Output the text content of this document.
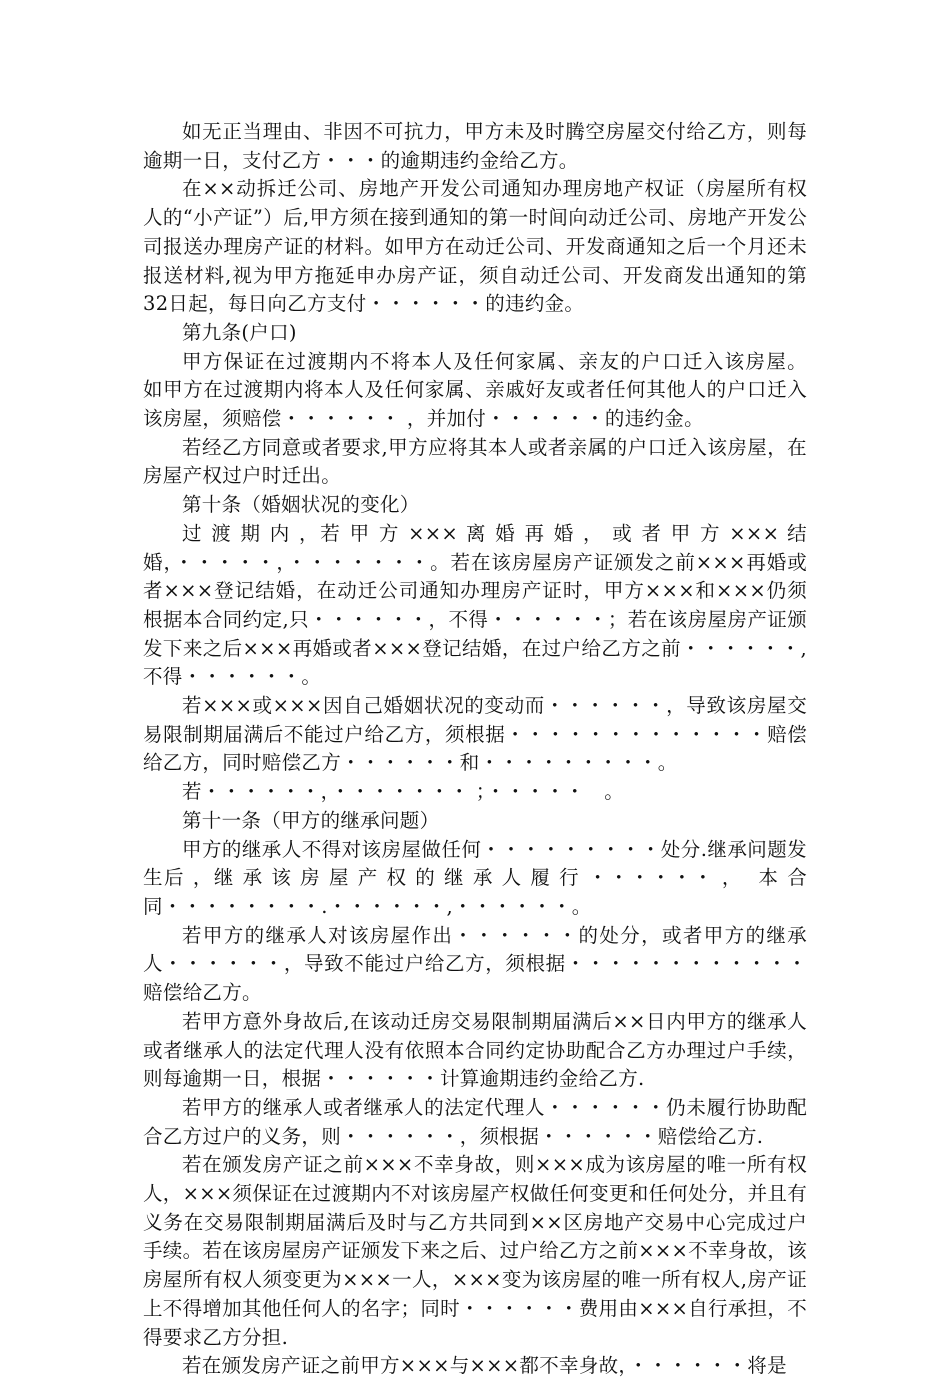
如无正当理由、非因不可抗力，甲方未及时腾空房屋交付给乙方，则每逾期一日，支付乙方・・・的逾期违约金给乙方。

在××动拆迁公司、房地产开发公司通知办理房地产权证（房屋所有权人的“小产证”）后,甲方须在接到通知的第一时间向动迁公司、房地产开发公司报送办理房产证的材料。如甲方在动迁公司、开发商通知之后一个月还未报送材料,视为甲方拖延申办房产证，须自动迁公司、开发商发出通知的第32日起，每日向乙方支付・・・・・・的违约金。

第九条(户口)

甲方保证在过渡期内不将本人及任何家属、亲友的户口迁入该房屋。  如甲方在过渡期内将本人及任何家属、亲戚好友或者任何其他人的户口迁入该房屋，须赔偿・・・・・・ ，并加付・・・・・・的违约金。

若经乙方同意或者要求,甲方应将其本人或者亲属的户口迁入该房屋，在房屋产权过户时迁出。

第十条（婚姻状况的变化）

过 渡 期 内 ，若 甲 方 ××× 离 婚 再 婚 ， 或 者 甲 方 ××× 结婚，・・・・・，・・・・・・・。若在该房屋房产证颁发之前×××再婚或者×××登记结婚，在动迁公司通知办理房产证时，甲方×××和×××仍须根据本合同约定,只・・・・・・，不得・・・・・・；若在该房屋房产证颁发下来之后×××再婚或者×××登记结婚，在过户给乙方之前・・・・・・,不得・・・・・・。

若×××或×××因自己婚姻状况的变动而・・・・・・，导致该房屋交易限制期届满后不能过户给乙方，须根据・・・・・・・・・・・・・赔偿给乙方，同时赔偿乙方・・・・・・和・・・・・・・・・。

若・・・・・・，・・・・・・・ ；・・・・・   。

第十一条（甲方的继承问题）

甲方的继承人不得对该房屋做任何・・・・・・・・・处分.继承问题发生后 ，继 承 该 房 屋 产 权 的 继 承 人 履 行 ・・・・・・ ，  本 合 同・・・・・・・・.・・・・・・,・・・・・・。

若甲方的继承人对该房屋作出・・・・・・的处分，或者甲方的继承人・・・・・・，导致不能过户给乙方，须根据・・・・・・・・・・・・赔偿给乙方。

若甲方意外身故后,在该动迁房交易限制期届满后××日内甲方的继承人或者继承人的法定代理人没有依照本合同约定协助配合乙方办理过户手续，则每逾期一日，根据・・・・・・计算逾期违约金给乙方.

若甲方的继承人或者继承人的法定代理人・・・・・・仍未履行协助配合乙方过户的义务，则・・・・・・，须根据・・・・・・赔偿给乙方.

若在颁发房产证之前×××不幸身故，则×××成为该房屋的唯一所有权人，×××须保证在过渡期内不对该房屋产权做任何变更和任何处分，并且有义务在交易限制期届满后及时与乙方共同到××区房地产交易中心完成过户手续。若在该房屋房产证颁发下来之后、过户给乙方之前×××不幸身故，该房屋所有权人须变更为×××一人，×××变为该房屋的唯一所有权人,房产证上不得增加其他任何人的名字；同时・・・・・・费用由×××自行承担，不得要求乙方分担.

若在颁发房产证之前甲方×××与×××都不幸身故，・・・・・・将是
